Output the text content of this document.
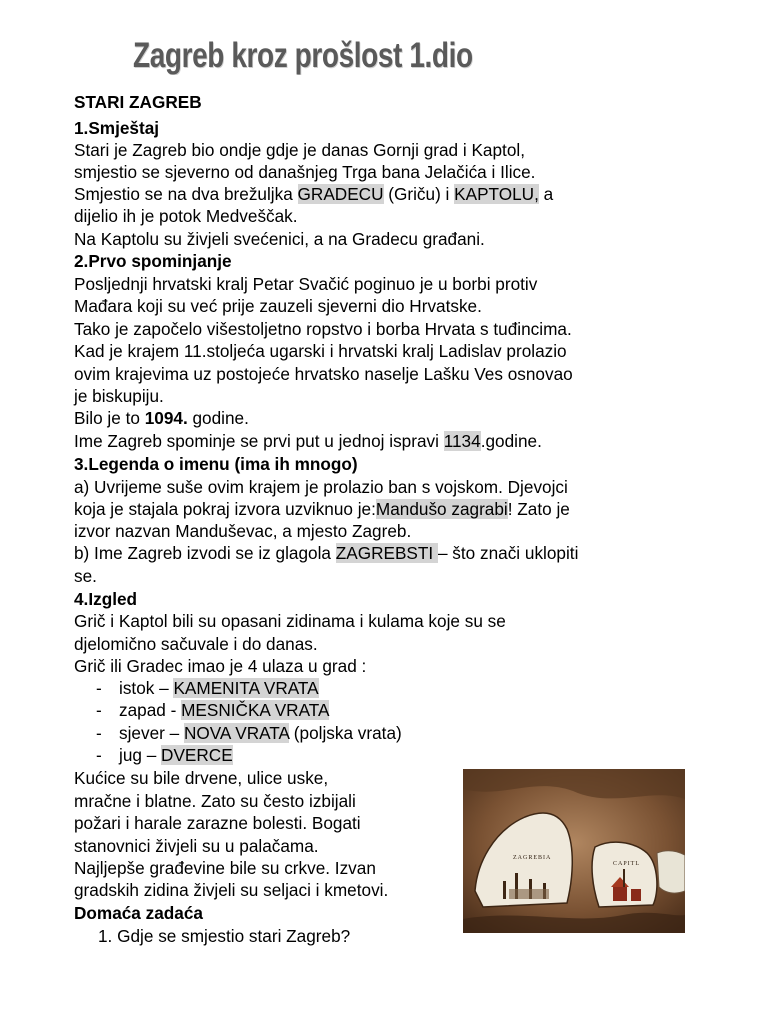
Zagreb kroz prošlost 1.dio
STARI ZAGREB
1.Smještaj
Stari je Zagreb bio ondje gdje je danas Gornji grad i Kaptol,
smjestio se sjeverno od današnjeg Trga bana Jelačića i Ilice.
Smjestio se na dva brežuljka GRADECU (Griču) i KAPTOLU, a
dijelio ih je potok Medveščak.
Na Kaptolu su živjeli svećenici, a na Gradecu građani.
2.Prvo spominjanje
Posljednji hrvatski kralj Petar Svačić poginuo je u borbi protiv
Mađara koji su već prije zauzeli sjeverni dio Hrvatske.
Tako je započelo višestoljetno ropstvo i borba Hrvata s tuđincima.
Kad je krajem 11.stoljeća ugarski i hrvatski kralj Ladislav prolazio
ovim krajevima uz postojeće hrvatsko naselje Lašku Ves osnovao
je biskupiju.
Bilo je to 1094. godine.
Ime Zagreb spominje se prvi put u jednoj ispravi 1134.godine.
3.Legenda o imenu (ima ih mnogo)
a) Uvrijeme suše ovim krajem je prolazio ban s vojskom. Djevojci
koja je stajala pokraj izvora uzviknuo je:Mandušo zagrabi! Zato je
izvor nazvan Manduševac, a mjesto Zagreb.
b) Ime Zagreb izvodi se iz glagola ZAGREBSTI – što znači uklopiti
se.
4.Izgled
Grič i Kaptol bili su opasani zidinama i kulama koje su se
djelomično sačuvale i do danas.
Grič ili Gradec imao je 4 ulaza u grad :
- istok – KAMENITA VRATA
- zapad - MESNIČKA VRATA
- sjever – NOVA VRATA (poljska vrata)
- jug – DVERCE
Kućice su bile drvene, ulice uske,
mračne i blatne. Zato su često izbijali
požari i harale zarazne bolesti. Bogati
stanovnici živjeli su u palačama.
Najljepše građevine bile su crkve. Izvan
gradskih zidina živjeli su seljaci i kmetovi.
Domaća zadaća
1. Gdje se smjestio stari Zagreb?
ZAGREBIA
CAPITL
